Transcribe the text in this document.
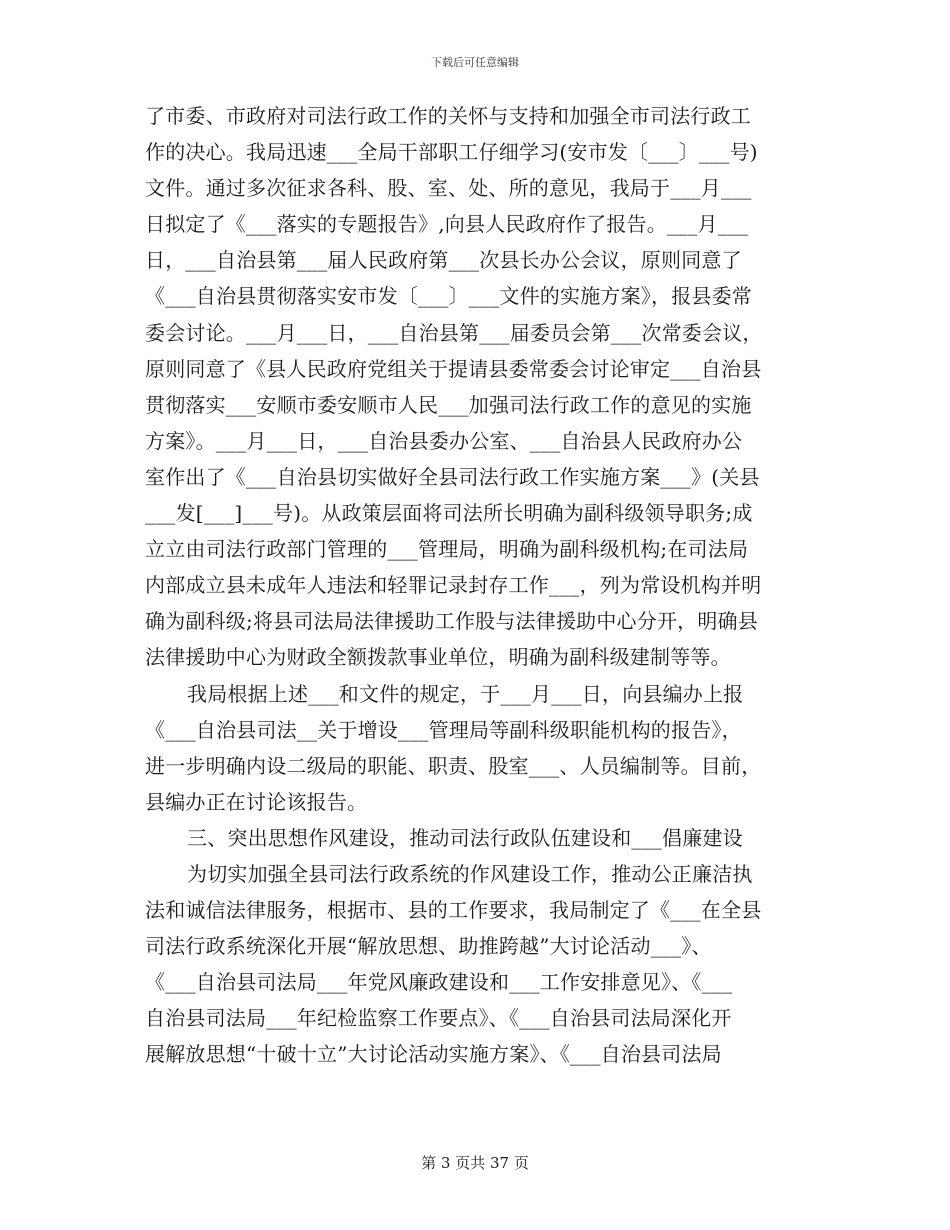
下载后可任意编辑
了市委、市政府对司法行政工作的关怀与支持和加强全市司法行政工
作的决心。我局迅速___全局干部职工仔细学习(安市发〔___〕___号)
文件。通过多次征求各科、股、室、处、所的意见，我局于___月___
日拟定了《___落实的专题报告》,向县人民政府作了报告。___月___
日，___自治县第___届人民政府第___次县长办公会议，原则同意了
《___自治县贯彻落实安市发〔___〕___文件的实施方案》，报县委常
委会讨论。___月___日，___自治县第___届委员会第___次常委会议，
原则同意了《县人民政府党组关于提请县委常委会讨论审定___自治县
贯彻落实___安顺市委安顺市人民___加强司法行政工作的意见的实施
方案》。___月___日，___自治县委办公室、___自治县人民政府办公
室作出了《___自治县切实做好全县司法行政工作实施方案___》(关县
___发[___]___号)。从政策层面将司法所长明确为副科级领导职务;成
立立由司法行政部门管理的___管理局，明确为副科级机构;在司法局
内部成立县未成年人违法和轻罪记录封存工作___，列为常设机构并明
确为副科级;将县司法局法律援助工作股与法律援助中心分开，明确县
法律援助中心为财政全额拨款事业单位，明确为副科级建制等等。
我局根据上述___和文件的规定，于___月___日，向县编办上报
《___自治县司法__关于增设___管理局等副科级职能机构的报告》，
进一步明确内设二级局的职能、职责、股室___、人员编制等。目前，
县编办正在讨论该报告。
三、突出思想作风建设，推动司法行政队伍建设和___倡廉建设
为切实加强全县司法行政系统的作风建设工作，推动公正廉洁执
法和诚信法律服务，根据市、县的工作要求，我局制定了《___在全县
司法行政系统深化开展“解放思想、助推跨越”大讨论活动___》、
《___自治县司法局___年党风廉政建设和___工作安排意见》、《___
自治县司法局___年纪检监察工作要点》、《___自治县司法局深化开
展解放思想“十破十立”大讨论活动实施方案》、《___自治县司法局
第 3 页共 37 页
